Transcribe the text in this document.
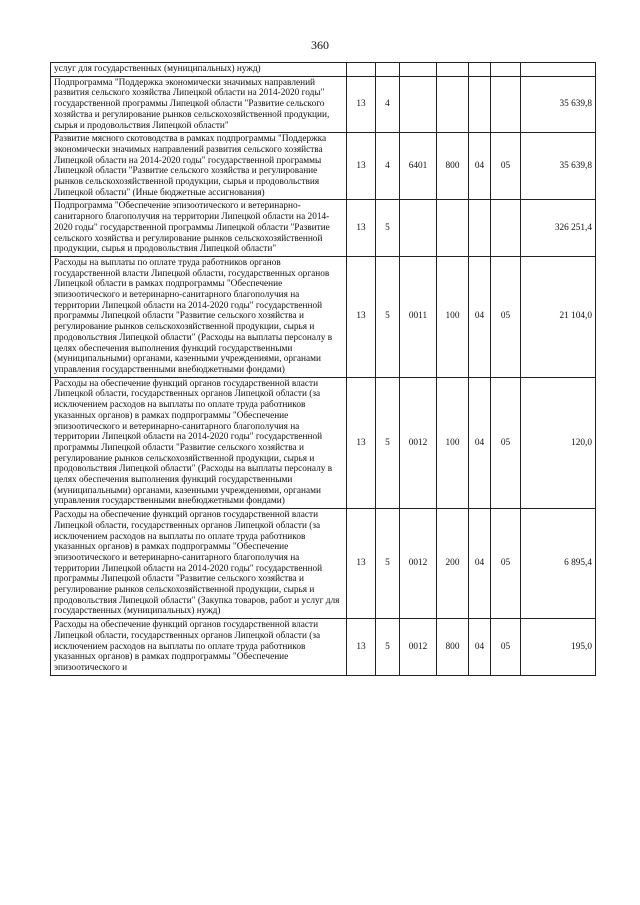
360
услуг для государственных (муниципальных) нужд)							
Подпрограмма "Поддержка экономически значимых направлений развития сельского хозяйства Липецкой области на 2014-2020 годы" государственной программы Липецкой области "Развитие сельского хозяйства и регулирование рынков сельскохозяйственной продукции, сырья и продовольствия Липецкой области"	13	4					35 639,8
Развитие мясного скотоводства в рамках подпрограммы "Поддержка экономически значимых направлений развития сельского хозяйства Липецкой области на 2014-2020 годы" государственной программы Липецкой области "Развитие сельского хозяйства и регулирование рынков сельскохозяйственной продукции, сырья и продовольствия Липецкой области" (Иные бюджетные ассигнования)	13	4	6401	800	04	05	35 639,8
Подпрограмма "Обеспечение эпизоотического и ветеринарно-санитарного благополучия на территории Липецкой области на 2014-2020 годы" государственной программы Липецкой области "Развитие сельского хозяйства и регулирование рынков сельскохозяйственной продукции, сырья и продовольствия Липецкой области"	13	5					326 251,4
Расходы на выплаты по оплате труда работников органов государственной власти Липецкой области, государственных органов Липецкой области в рамках подпрограммы "Обеспечение эпизоотического и ветеринарно-санитарного благополучия на территории Липецкой области на 2014-2020 годы" государственной программы Липецкой области "Развитие сельского хозяйства и регулирование рынков сельскохозяйственной продукции, сырья и продовольствия Липецкой области" (Расходы на выплаты персоналу в целях обеспечения выполнения функций государственными (муниципальными) органами, казенными учреждениями, органами управления государственными внебюджетными фондами)	13	5	0011	100	04	05	21 104,0
Расходы на обеспечение функций органов государственной власти Липецкой области, государственных органов Липецкой области (за исключением расходов на выплаты по оплате труда работников указанных органов) в рамках подпрограммы "Обеспечение эпизоотического и ветеринарно-санитарного благополучия на территории Липецкой области на 2014-2020 годы" государственной программы Липецкой области "Развитие сельского хозяйства и регулирование рынков сельскохозяйственной продукции, сырья и продовольствия Липецкой области" (Расходы на выплаты персоналу в целях обеспечения выполнения функций государственными (муниципальными) органами, казенными учреждениями, органами управления государственными внебюджетными фондами)	13	5	0012	100	04	05	120,0
Расходы на обеспечение функций органов государственной власти Липецкой области, государственных органов Липецкой области (за исключением расходов на выплаты по оплате труда работников указанных органов) в рамках подпрограммы "Обеспечение эпизоотического и ветеринарно-санитарного благополучия на территории Липецкой области на 2014-2020 годы" государственной программы Липецкой области "Развитие сельского хозяйства и регулирование рынков сельскохозяйственной продукции, сырья и продовольствия Липецкой области" (Закупка товаров, работ и услуг для государственных (муниципальных) нужд)	13	5	0012	200	04	05	6 895,4
Расходы на обеспечение функций органов государственной власти Липецкой области, государственных органов Липецкой области (за исключением расходов на выплаты по оплате труда работников указанных органов) в рамках подпрограммы "Обеспечение эпизоотического и	13	5	0012	800	04	05	195,0
